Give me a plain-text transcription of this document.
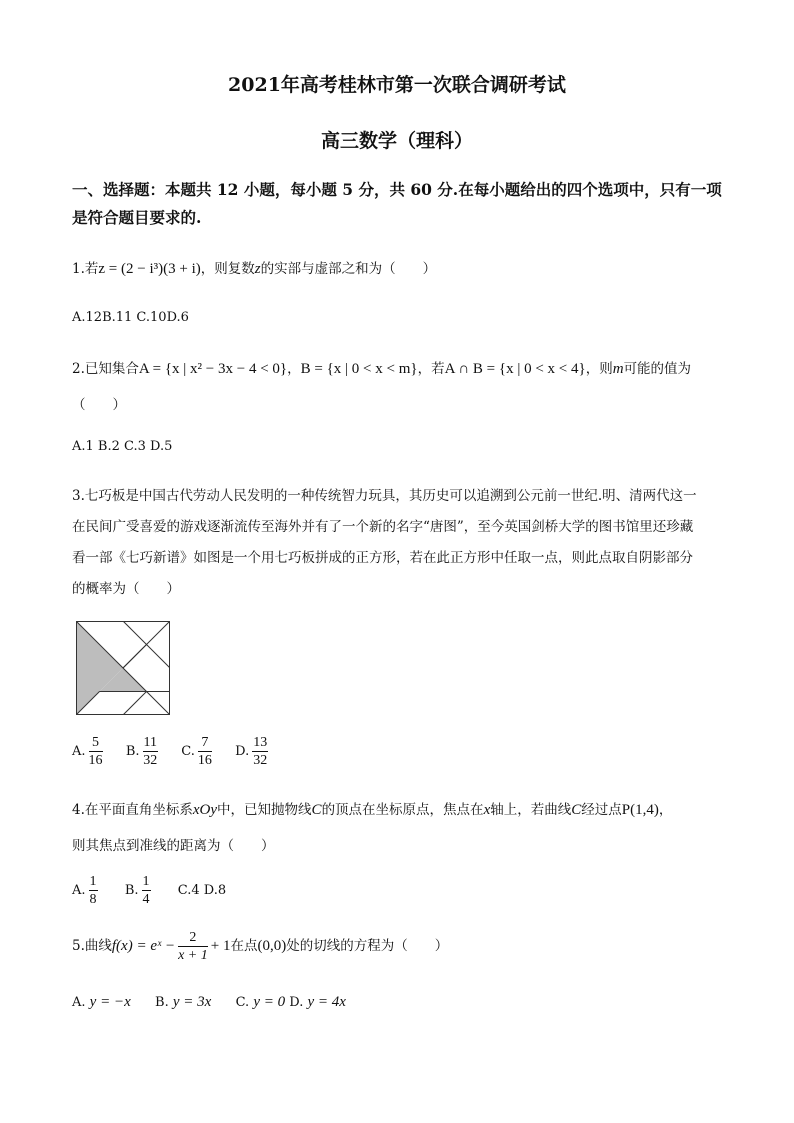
2021年高考桂林市第一次联合调研考试
高三数学（理科）
一、选择题：本题共 12 小题，每小题 5 分，共 60 分.在每小题给出的四个选项中，只有一项
是符合题目要求的.
1.若z = (2 − i³)(3 + i)，则复数z的实部与虚部之和为（　　）
A.12B.11 C.10D.6
2.已知集合A = {x | x² − 3x − 4 < 0}，B = {x | 0 < x < m}，若A ∩ B = {x | 0 < x < 4}，则m可能的值为
（　　）
A.1 B.2 C.3 D.5
3.七巧板是中国古代劳动人民发明的一种传统智力玩具，其历史可以追溯到公元前一世纪.明、清两代这一
在民间广受喜爱的游戏逐渐流传至海外并有了一个新的名字“唐图”，至今英国剑桥大学的图书馆里还珍藏
看一部《七巧新谱》如图是一个用七巧板拼成的正方形，若在此正方形中任取一点，则此点取自阴影部分
的概率为（　　）
A. $\frac{5}{16} B$. $\frac{11}{32} C$. $\frac{7}{16} D$. $\frac{13}{32}$
4.在平面直角坐标系xOy中，已知抛物线C的顶点在坐标原点，焦点在x轴上，若曲线C经过点P(1,4)，
则其焦点到准线的距离为（　　）
A. $\frac{1}{8} B$. $\frac{1}{4} C.4$ D.8
5.曲线f(x) = eˣ − $\frac{2}{x + 1} + 1$在点(0,0)处的切线的方程为（　　）
A. y = −x B. y = 3x C. y = 0 D. y = 4x
